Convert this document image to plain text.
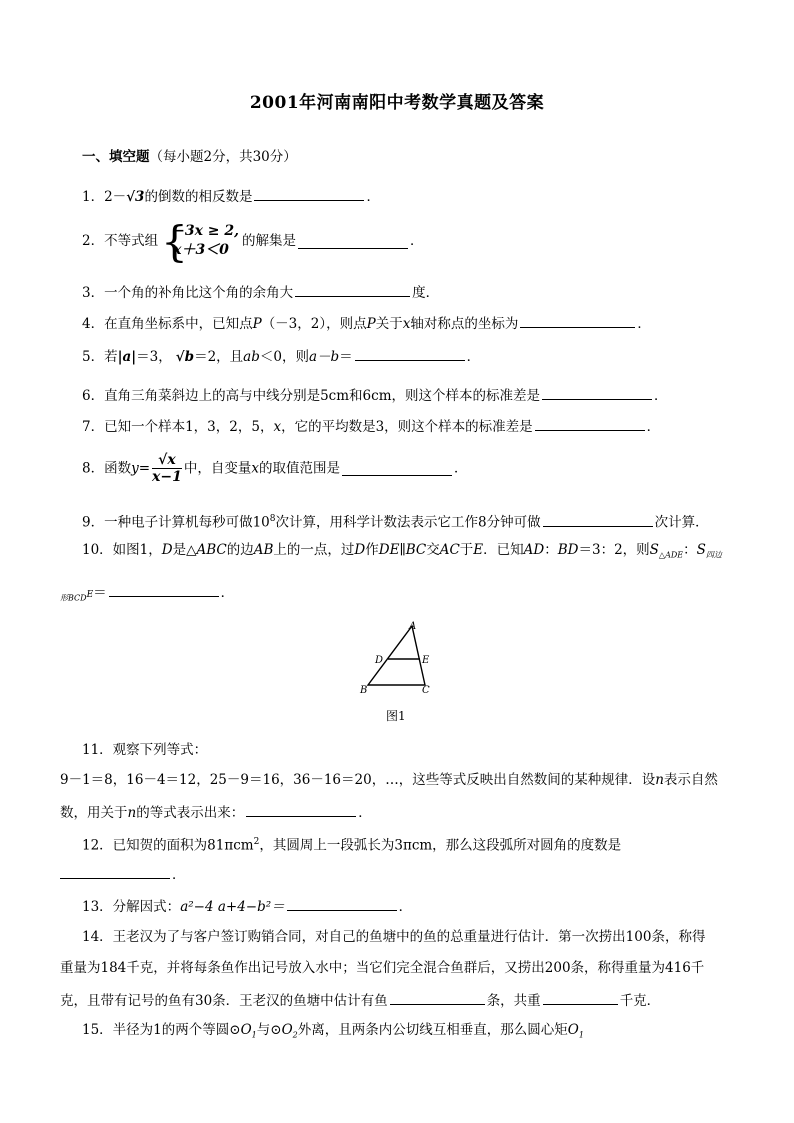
2001年河南南阳中考数学真题及答案
一、填空题（每小题2分，共30分）
1．2－√3的倒数的相反数是	．
2．不等式组 {
−3x ≥ 2,
x＋3＜0
的解集是	．
3．一个角的补角比这个角的余角大	度．
4．在直角坐标系中，已知点P（－3，2），则点P关于x轴对称点的坐标为	．
5．若|a|＝3， √b＝2，且ab＜0，则a－b＝	．
6．直角三角菜斜边上的高与中线分别是5cm和6cm，则这个样本的标准差是	．
7．已知一个样本1，3，2，5，x，它的平均数是3，则这个样本的标准差是	．
8．函数$y= \frac{√x}{x-1}$ 中，自变量x的取值范围是	．
9．一种电子计算机每秒可做$10^8$次计算，用科学计数法表示它工作8分钟可做	次计算．
10．如图1，D是△ABC的边AB上的一点，过D作DE∥BC交AC于E．已知AD：BD＝3：2，则$S_{\triangle ADE}$：$S_{四边}$
$_{形BCD}$E＝	．
A
B	C
D	E
图1
11．观察下列等式：
9－1＝8，16－4＝12，25－9＝16，36－16＝20，…，这些等式反映出自然数间的某种规律．设n表示自然
数，用关于n的等式表示出来：	．
12．已知贺的面积为81πcm$^2$，其圆周上一段弧长为3πcm，那么这段弧所对圆角的度数是
．
13．分解因式：a²−4 a+4−b²＝	．
14．王老汉为了与客户签订购销合同，对自己的鱼塘中的鱼的总重量进行估计．第一次捞出100条，称得
重量为184千克，并将每条鱼作出记号放入水中；当它们完全混合鱼群后，又捞出200条，称得重量为416千
克，且带有记号的鱼有30条．王老汉的鱼塘中估计有鱼	条，共重	千克．
15．半径为1的两个等圆$⊙O_1$与$⊙O_2$外离，且两条内公切线互相垂直，那么圆心矩$O_1$
